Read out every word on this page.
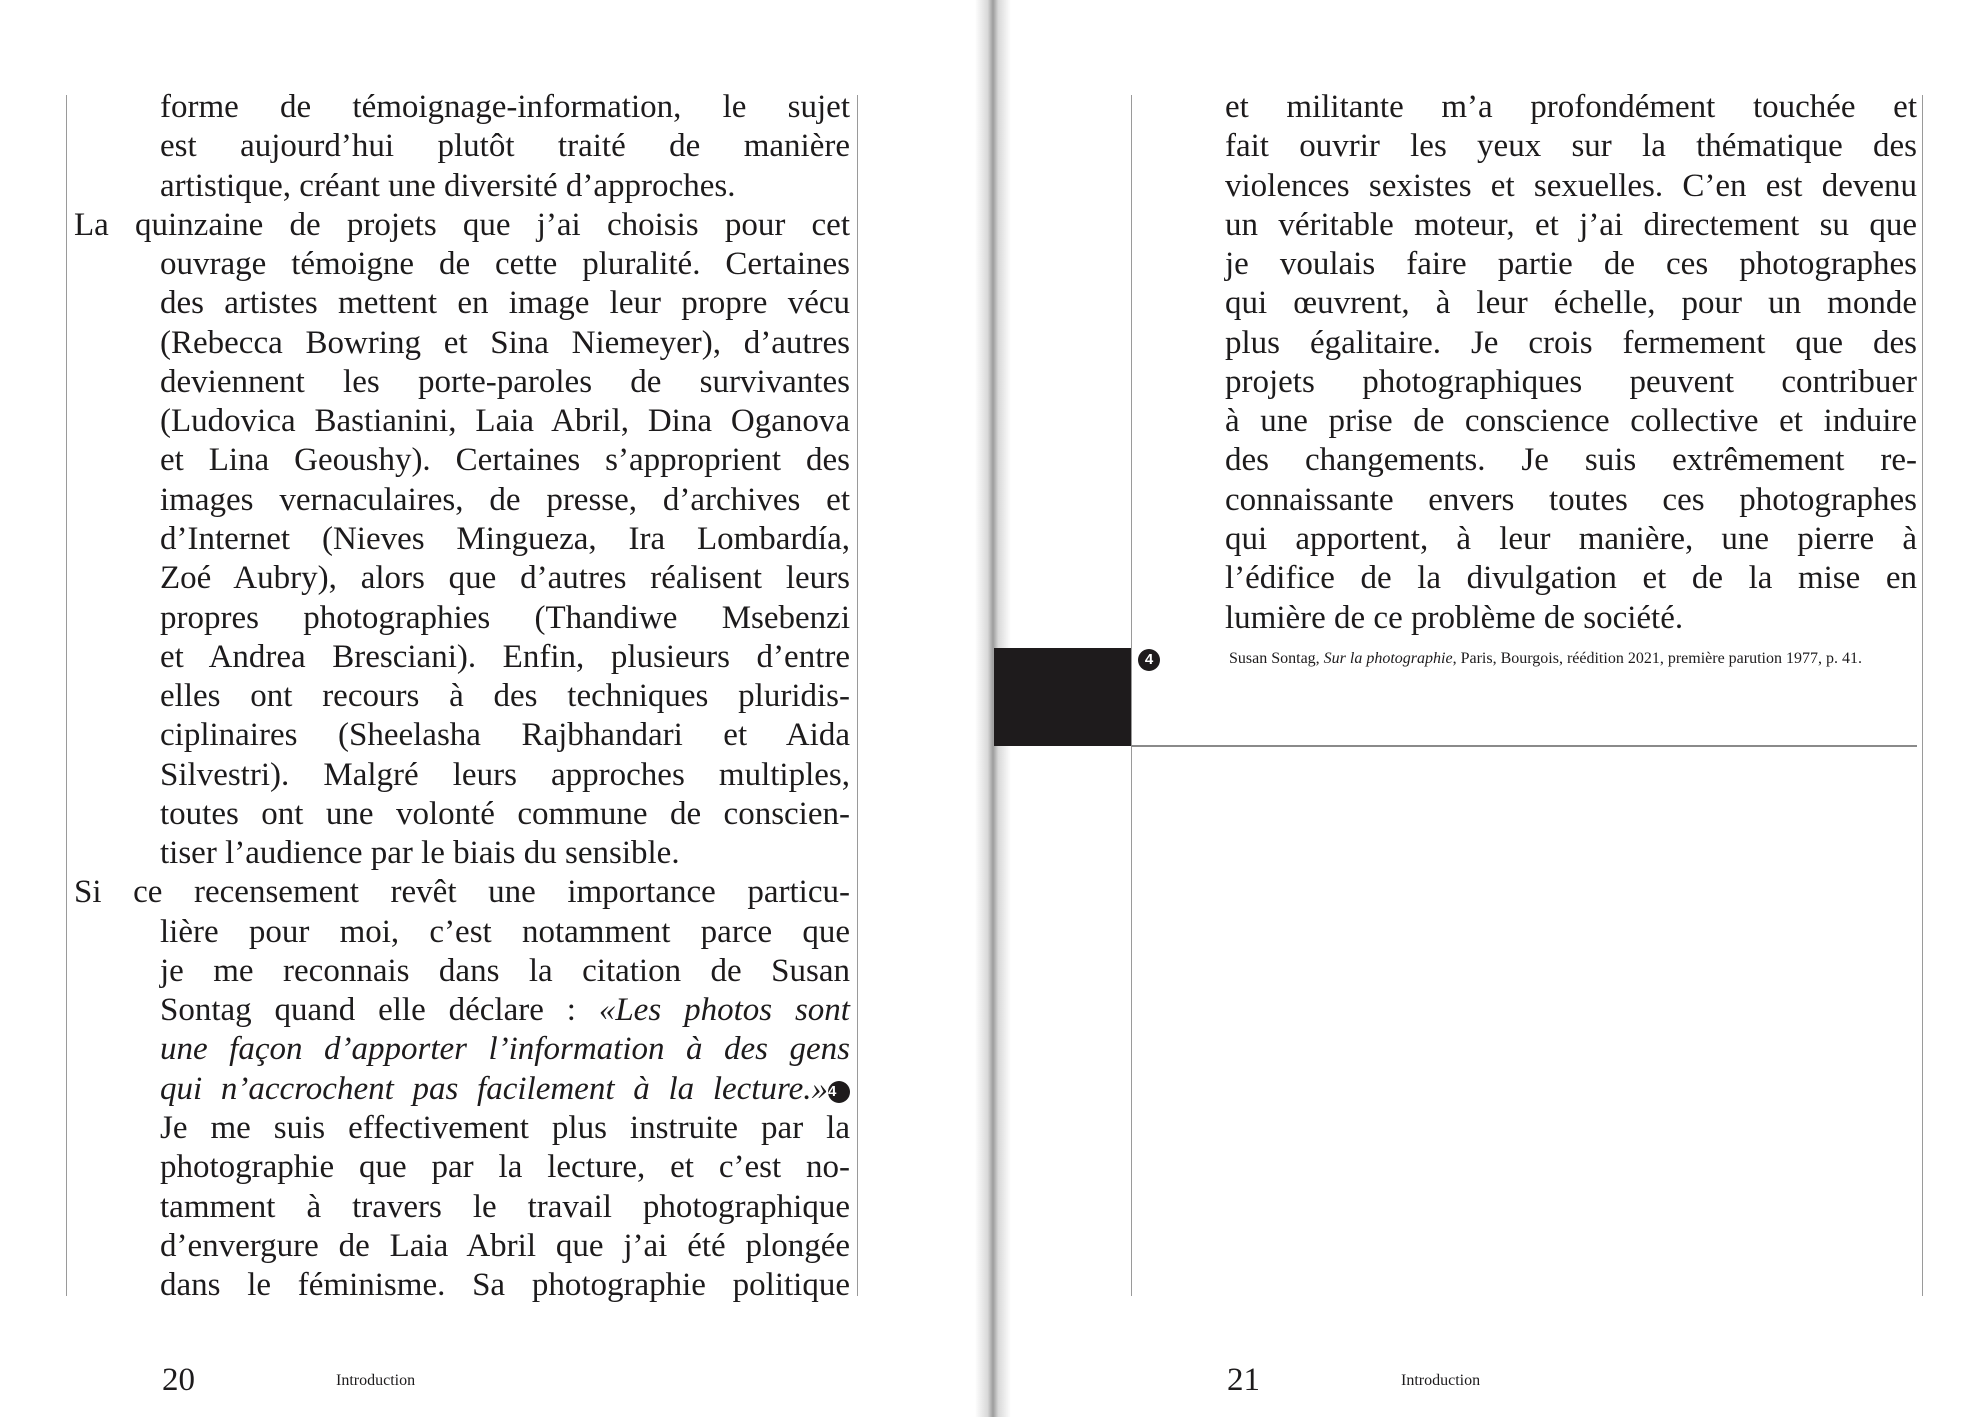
forme de témoignage-information, le sujet
est aujourd’hui plutôt traité de manière
artistique, créant une diversité d’approches.
La quinzaine de projets que j’ai choisis pour cet
ouvrage témoigne de cette pluralité. Certaines
des artistes mettent en image leur propre vécu
(Rebecca Bowring et Sina Niemeyer), d’autres
deviennent les porte-paroles de survivantes
(Ludovica Bastianini, Laia Abril, Dina Oganova
et Lina Geoushy). Certaines s’approprient des
images vernaculaires, de presse, d’archives et
d’Internet (Nieves Mingueza, Ira Lombardía,
Zoé Aubry), alors que d’autres réalisent leurs
propres photographies (Thandiwe Msebenzi
et Andrea Bresciani). Enfin, plusieurs d’entre
elles ont recours à des techniques pluridis-
ciplinaires (Sheelasha Rajbhandari et Aida
Silvestri). Malgré leurs approches multiples,
toutes ont une volonté commune de conscien-
tiser l’audience par le biais du sensible.
Si ce recensement revêt une importance particu-
lière pour moi, c’est notamment parce que
je me reconnais dans la citation de Susan
Sontag quand elle déclare : «Les photos sont
une façon d’apporter l’information à des gens
qui n’accrochent pas facilement à la lecture.»4
Je me suis effectivement plus instruite par la
photographie que par la lecture, et c’est no-
tamment à travers le travail photographique
d’envergure de Laia Abril que j’ai été plongée
dans le féminisme. Sa photographie politique
et militante m’a profondément touchée et
fait ouvrir les yeux sur la thématique des
violences sexistes et sexuelles. C’en est devenu
un véritable moteur, et j’ai directement su que
je voulais faire partie de ces photographes
qui œuvrent, à leur échelle, pour un monde
plus égalitaire. Je crois fermement que des
projets photographiques peuvent contribuer
à une prise de conscience collective et induire
des changements. Je suis extrêmement re-
connaissante envers toutes ces photographes
qui apportent, à leur manière, une pierre à
l’édifice de la divulgation et de la mise en
lumière de ce problème de société.
4	Susan Sontag, Sur la photographie, Paris, Bourgois, réédition 2021, première parution 1977, p. 41.
20	Introduction	21	Introduction
